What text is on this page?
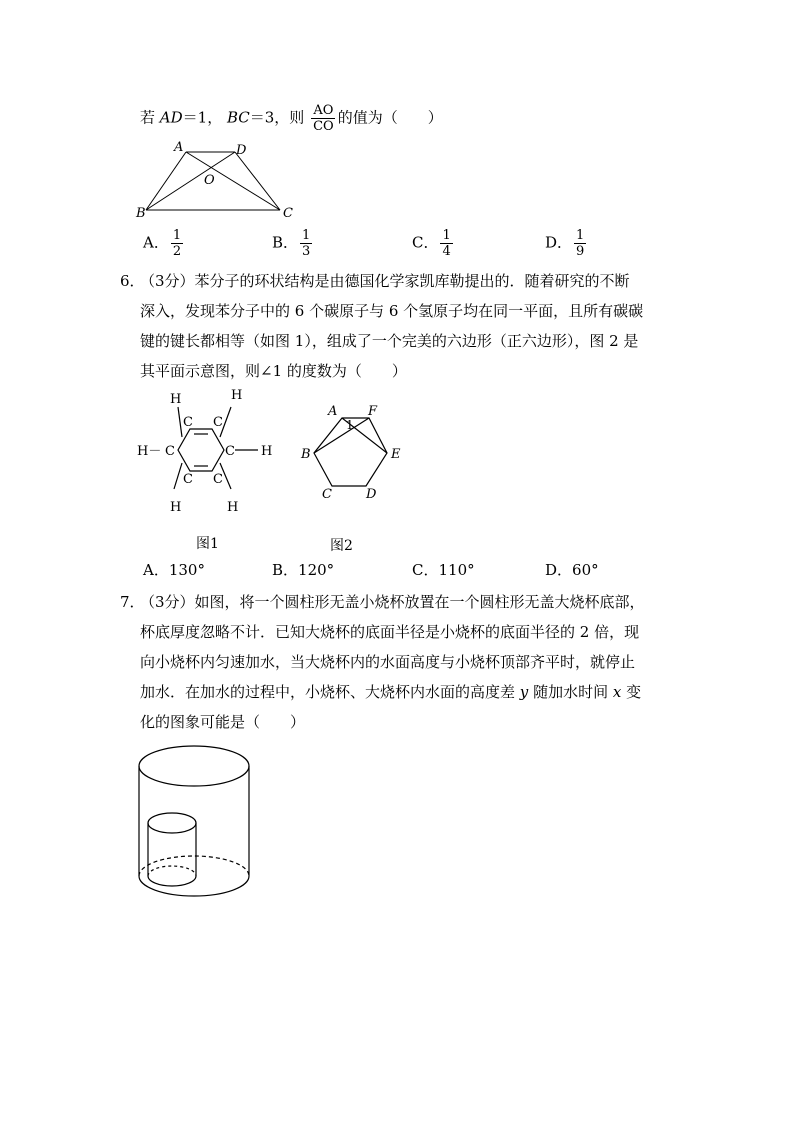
若 AD＝1， BC＝3，则 $\frac{AO}{CO}$ 的值为（　　）
A	D
O
B	C
A． $\frac{1}{2}$	B． $\frac{1}{3}$	C． $\frac{1}{4}$	D． $\frac{1}{9}$
6．
（3分）苯分子的环状结构是由德国化学家凯库勒提出的．随着研究的不断
深入，发现苯分子中的 6 个碳原子与 6 个氢原子均在同一平面，且所有碳碳
键的键长都相等（如图 1），组成了一个完美的六边形（正六边形），图 2 是
其平面示意图，则∠1 的度数为（　　）
H	H
C C
H－ C	C H
C C
H	H
图1
A F
B	E
C	D
1
图2
A．130°	B．120°	C．110°	D．60°
7．
（3分）如图，将一个圆柱形无盖小烧杯放置在一个圆柱形无盖大烧杯底部，
杯底厚度忽略不计．已知大烧杯的底面半径是小烧杯的底面半径的 2 倍，现
向小烧杯内匀速加水，当大烧杯内的水面高度与小烧杯顶部齐平时，就停止
加水．在加水的过程中，小烧杯、大烧杯内水面的高度差 y 随加水时间 x 变
化的图象可能是（　　）
